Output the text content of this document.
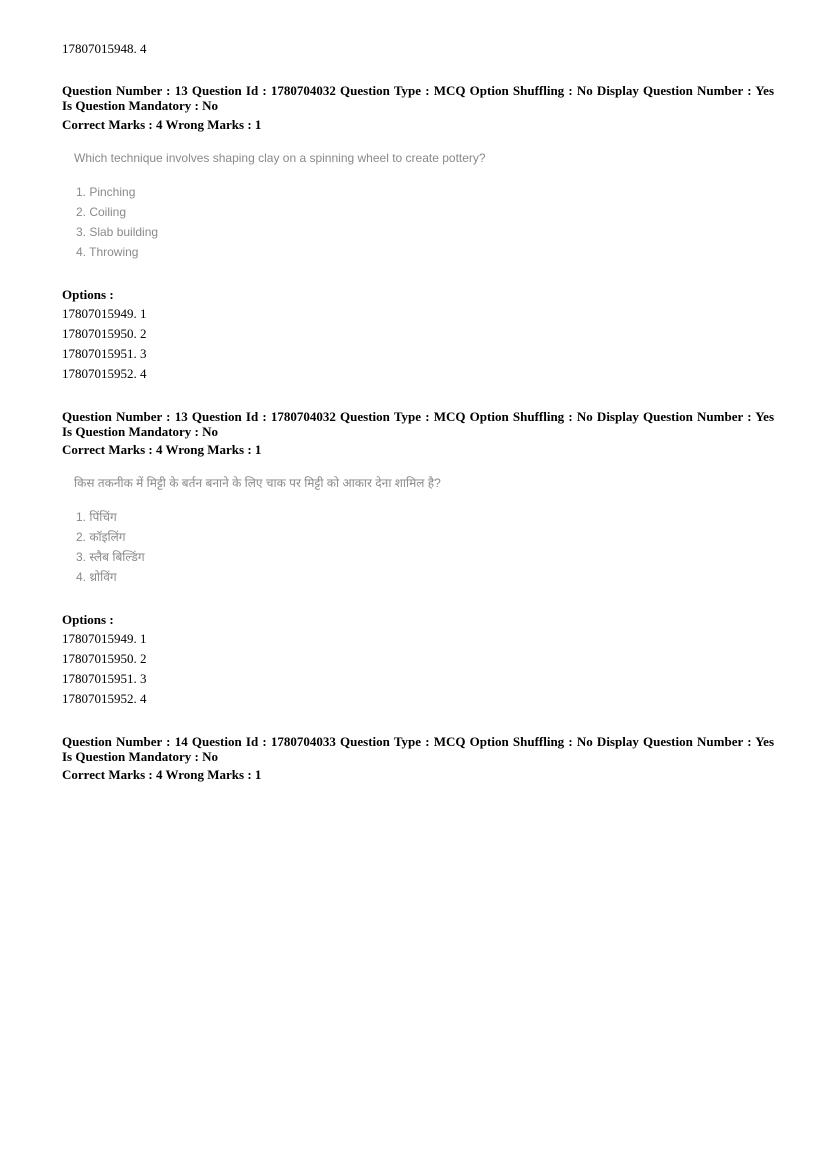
17807015948. 4
Question Number : 13 Question Id : 1780704032 Question Type : MCQ Option Shuffling : No Display Question Number : Yes
Is Question Mandatory : No
Correct Marks : 4 Wrong Marks : 1
Which technique involves shaping clay on a spinning wheel to create pottery?
1. Pinching
2. Coiling
3. Slab building
4. Throwing
Options :
17807015949. 1
17807015950. 2
17807015951. 3
17807015952. 4
Question Number : 13 Question Id : 1780704032 Question Type : MCQ Option Shuffling : No Display Question Number : Yes
Is Question Mandatory : No
Correct Marks : 4 Wrong Marks : 1
किस तकनीक में मिट्टी के बर्तन बनाने के लिए चाक पर मिट्टी को आकार देना शामिल है?
1. पिंचिंग
2. कॉइलिंग
3. स्लैब बिल्डिंग
4. थ्रोविंग
Options :
17807015949. 1
17807015950. 2
17807015951. 3
17807015952. 4
Question Number : 14 Question Id : 1780704033 Question Type : MCQ Option Shuffling : No Display Question Number : Yes
Is Question Mandatory : No
Correct Marks : 4 Wrong Marks : 1
